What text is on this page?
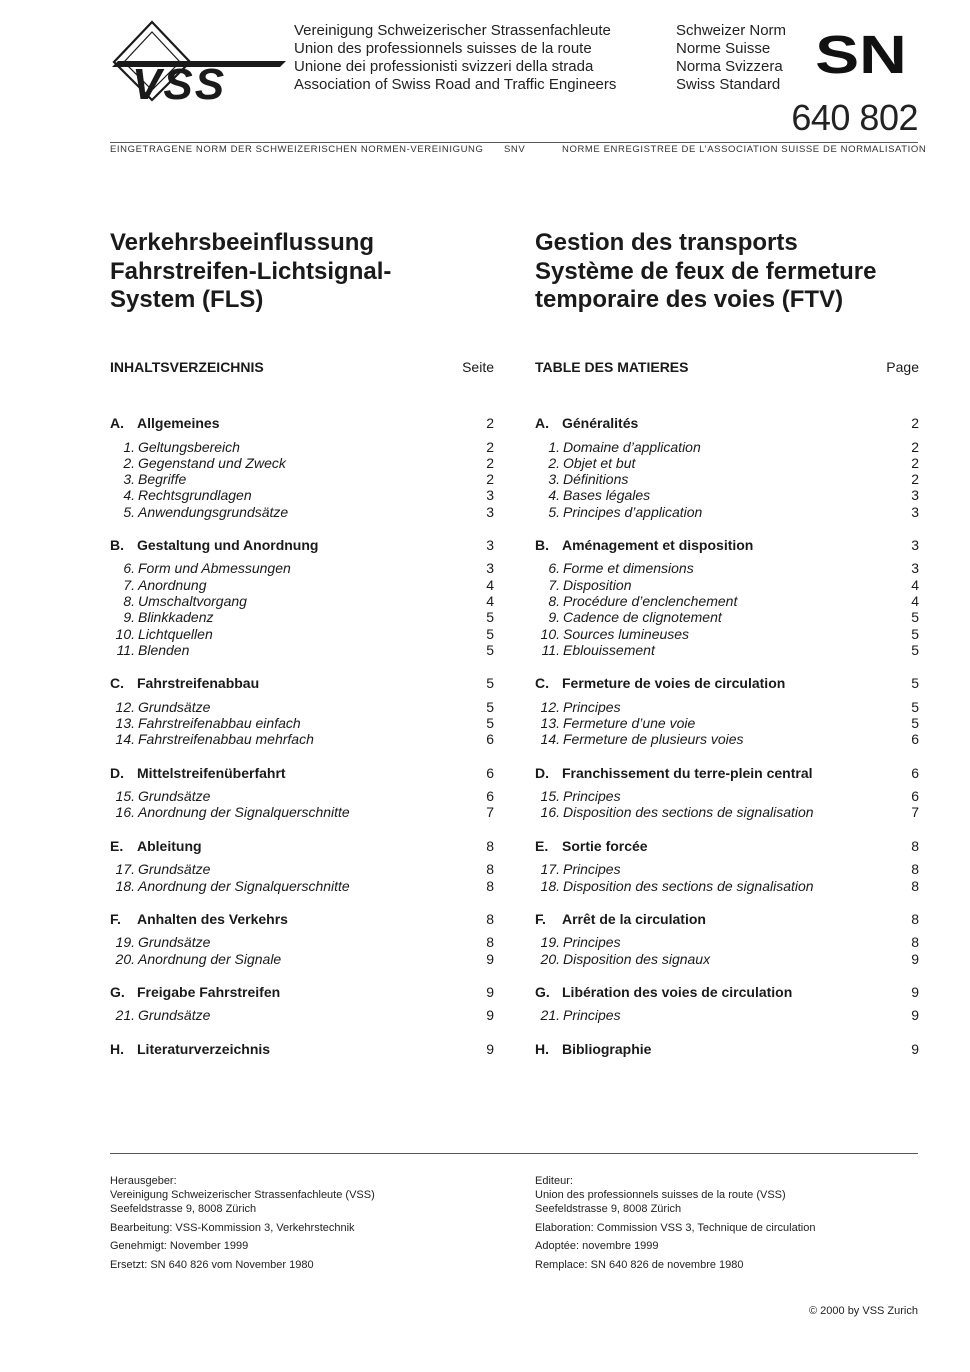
VSS
Vereinigung Schweizerischer Strassenfachleute
Union des professionnels suisses de la route
Unione dei professionisti svizzeri della strada
Association of Swiss Road and Traffic Engineers
Schweizer Norm
Norme Suisse
Norma Svizzera
Swiss Standard SN
640 802
EINGETRAGENE NORM DER SCHWEIZERISCHEN NORMEN-VEREINIGUNG SNV	NORME ENREGISTREE DE L’ASSOCIATION SUISSE DE NORMALISATION
Verkehrsbeeinflussung
Fahrstreifen-Lichtsignal-
System (FLS)
Gestion des transports
Système de feux de fermeture
temporaire des voies (FTV)
INHALTSVERZEICHNIS	Seite
A. Allgemeines	2
1. Geltungsbereich	2
2. Gegenstand und Zweck	2
3. Begriffe	2
4. Rechtsgrundlagen	3
5. Anwendungsgrundsätze	3
B. Gestaltung und Anordnung	3
6. Form und Abmessungen	3
7. Anordnung	4
8. Umschaltvorgang	4
9. Blinkkadenz	5
10. Lichtquellen	5
11. Blenden	5
C. Fahrstreifenabbau	5
12. Grundsätze	5
13. Fahrstreifenabbau einfach	5
14. Fahrstreifenabbau mehrfach	6
D. Mittelstreifenüberfahrt	6
15. Grundsätze	6
16. Anordnung der Signalquerschnitte	7
E. Ableitung	8
17. Grundsätze	8
18. Anordnung der Signalquerschnitte	8
F.	Anhalten des Verkehrs	8
19. Grundsätze	8
20. Anordnung der Signale	9
G. Freigabe Fahrstreifen	9
21. Grundsätze	9
H. Literaturverzeichnis	9
TABLE DES MATIERES	Page
A. Généralités	2
1. Domaine d’application	2
2. Objet et but	2
3. Définitions	2
4. Bases légales	3
5. Principes d’application	3
B. Aménagement et disposition	3
6. Forme et dimensions	3
7. Disposition	4
8. Procédure d’enclenchement	4
9. Cadence de clignotement	5
10. Sources lumineuses	5
11. Eblouissement	5
C. Fermeture de voies de circulation	5
12. Principes	5
13. Fermeture d’une voie	5
14. Fermeture de plusieurs voies	6
D. Franchissement du terre-plein central	6
15. Principes	6
16. Disposition des sections de signalisation	7
E. Sortie forcée	8
17. Principes	8
18. Disposition des sections de signalisation	8
F.	Arrêt de la circulation	8
19. Principes	8
20. Disposition des signaux	9
G. Libération des voies de circulation	9
21. Principes	9
H. Bibliographie	9
Herausgeber:
Vereinigung Schweizerischer Strassenfachleute (VSS)
Seefeldstrasse 9, 8008 Zürich
Bearbeitung: VSS-Kommission 3, Verkehrstechnik
Genehmigt: November 1999
Ersetzt: SN 640 826 vom November 1980
Editeur:
Union des professionnels suisses de la route (VSS)
Seefeldstrasse 9, 8008 Zürich
Elaboration: Commission VSS 3, Technique de circulation
Adoptée: novembre 1999
Remplace: SN 640 826 de novembre 1980
© 2000 by VSS Zurich
